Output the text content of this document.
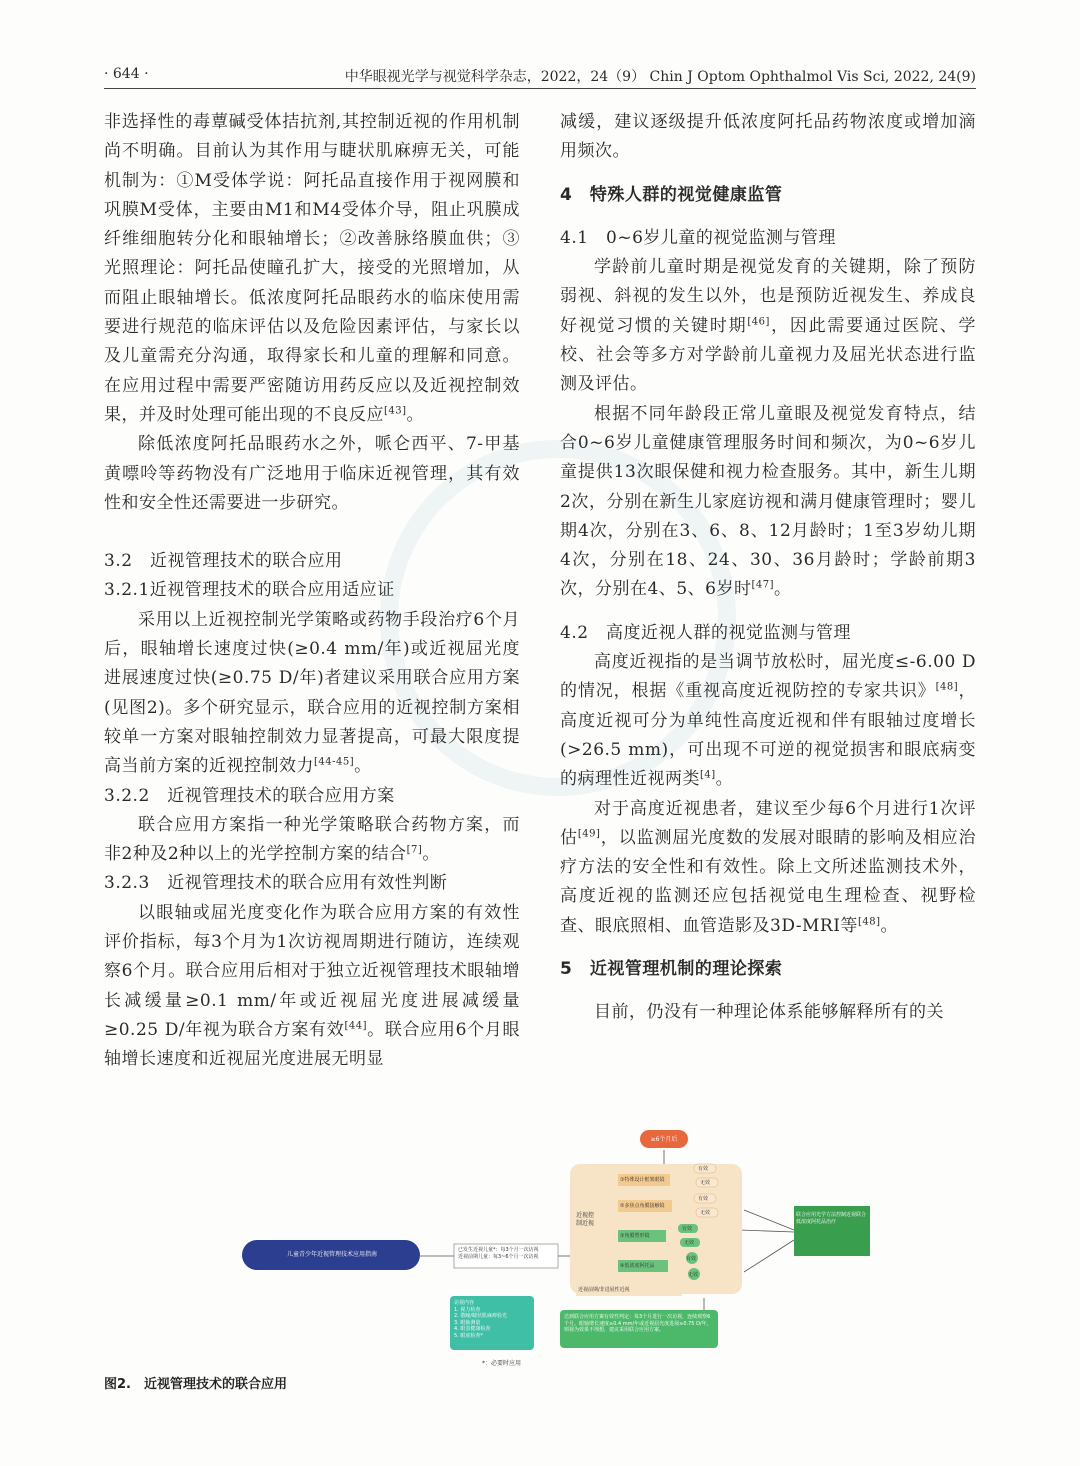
· 644 ·	中华眼视光学与视觉科学杂志，2022，24（9） Chin J Optom Ophthalmol Vis Sci, 2022, 24(9)

非选择性的毒蕈碱受体拮抗剂,其控制近视的作用机制尚不明确。目前认为其作用与睫状肌麻痹无关，可能机制为：①M受体学说：阿托品直接作用于视网膜和巩膜M受体，主要由M1和M4受体介导，阻止巩膜成纤维细胞转分化和眼轴增长；②改善脉络膜血供；③光照理论：阿托品使瞳孔扩大，接受的光照增加，从而阻止眼轴增长。低浓度阿托品眼药水的临床使用需要进行规范的临床评估以及危险因素评估，与家长以及儿童需充分沟通，取得家长和儿童的理解和同意。在应用过程中需要严密随访用药反应以及近视控制效果，并及时处理可能出现的不良反应[43]。

除低浓度阿托品眼药水之外，哌仑西平、7-甲基黄嘌呤等药物没有广泛地用于临床近视管理，其有效性和安全性还需要进一步研究。

3.2　近视管理技术的联合应用

3.2.1近视管理技术的联合应用适应证

采用以上近视控制光学策略或药物手段治疗6个月后，眼轴增长速度过快(≥0.4 mm/年)或近视屈光度进展速度过快(≥0.75 D/年)者建议采用联合应用方案(见图2)。多个研究显示，联合应用的近视控制方案相较单一方案对眼轴控制效力显著提高，可最大限度提高当前方案的近视控制效力[44-45]。

3.2.2　近视管理技术的联合应用方案

联合应用方案指一种光学策略联合药物方案，而非2种及2种以上的光学控制方案的结合[7]。

3.2.3　近视管理技术的联合应用有效性判断

以眼轴或屈光度变化作为联合应用方案的有效性评价指标，每3个月为1次访视周期进行随访，连续观察6个月。联合应用后相对于独立近视管理技术眼轴增长减缓量≥0.1 mm/年或近视屈光度进展减缓量≥0.25 D/年视为联合方案有效[44]。联合应用6个月眼轴增长速度和近视屈光度进展无明显

减缓，建议逐级提升低浓度阿托品药物浓度或增加滴用频次。

4　特殊人群的视觉健康监管

4.1　0~6岁儿童的视觉监测与管理

学龄前儿童时期是视觉发育的关键期，除了预防弱视、斜视的发生以外，也是预防近视发生、养成良好视觉习惯的关键时期[46]，因此需要通过医院、学校、社会等多方对学龄前儿童视力及屈光状态进行监测及评估。

根据不同年龄段正常儿童眼及视觉发育特点，结合0~6岁儿童健康管理服务时间和频次，为0~6岁儿童提供13次眼保健和视力检查服务。其中，新生儿期2次，分别在新生儿家庭访视和满月健康管理时；婴儿期4次，分别在3、6、8、12月龄时；1至3岁幼儿期4次，分别在18、24、30、36月龄时；学龄前期3次，分别在4、5、6岁时[47]。

4.2　高度近视人群的视觉监测与管理

高度近视指的是当调节放松时，屈光度≤-6.00 D的情况，根据《重视高度近视防控的专家共识》[48]，高度近视可分为单纯性高度近视和伴有眼轴过度增长(>26.5 mm)，可出现不可逆的视觉损害和眼底病变的病理性近视两类[4]。

对于高度近视患者，建议至少每6个月进行1次评估[49]，以监测屈光度数的发展对眼睛的影响及相应治疗方法的安全性和有效性。除上文所述监测技术外，高度近视的监测还应包括视觉电生理检查、视野检查、眼底照相、血管造影及3D-MRI等[48]。

5　近视管理机制的理论探索

目前，仍没有一种理论体系能够解释所有的关

儿童青少年近视管理技术应用指南
已发生近视儿童*：每3个月一次访视
近视前期儿童：每3~6个月一次访视
≥6个月后
近视控制近视
①特殊设计框架眼镜
②多焦点角膜接触镜
③角膜塑形镜
④低浓度阿托品
有效
无效
有效
无效
有效
无效
有效
无效
近视前期/非进展性近视
联合应用光学方法控制近视联合低浓度阿托品治疗
访视内容
1. 视力检查
2. 散瞳/睫状肌麻痹验光
3. 眼轴测量
4. 眼表健康检查
5. 眼底检查*
达到联合应用方案有效性判定：每3个月进行一次访视，连续观察6个月。眼轴增长速度≥0.4 mm/年或近视屈光度进展≥0.75 D/年，则视为效果不理想，建议采用联合应用方案。
*：必要时应用
图2.　近视管理技术的联合应用
